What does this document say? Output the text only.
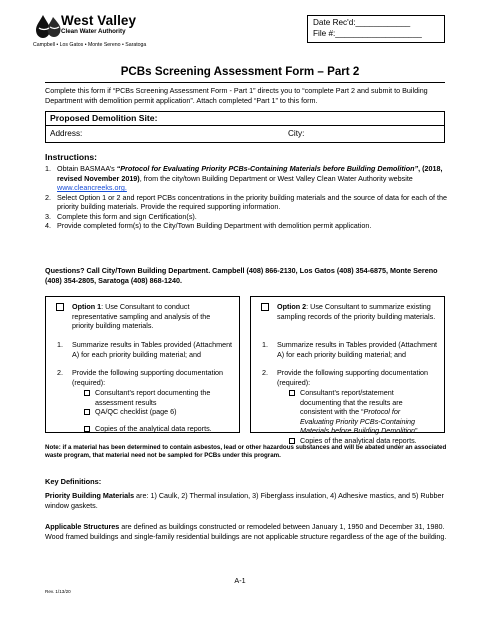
West Valley
Clean Water Authority
Campbell • Los Gatos • Monte Sereno • Saratoga
Date Rec'd:____________
File #:___________________
PCBs Screening Assessment Form – Part 2
Complete this form if “PCBs Screening Assessment Form - Part 1” directs you to “complete Part 2 and submit to Building Department with demolition permit application”. Attach completed “Part 1” to this form.
Proposed Demolition Site:
Address:	City:
Instructions:
1. Obtain BASMAA’s “Protocol for Evaluating Priority PCBs-Containing Materials before Building Demolition”, (2018, revised November 2019), from the city/town Building Department or West Valley Clean Water Authority website www.cleancreeks.org.
2. Select Option 1 or 2 and report PCBs concentrations in the priority building materials and the source of data for each of the priority building materials. Provide the required supporting information.
3. Complete this form and sign Certification(s).
4. Provide completed form(s) to the City/Town Building Department with demolition permit application.
Questions? Call City/Town Building Department. Campbell (408) 866-2130, Los Gatos (408) 354-6875, Monte Sereno (408) 354-2805, Saratoga (408) 868-1240.
Option 1: Use Consultant to conduct representative sampling and analysis of the priority building materials.
1. Summarize results in Tables provided (Attachment A) for each priority building material; and
2. Provide the following supporting documentation (required):
Consultant’s report documenting the assessment results
QA/QC checklist (page 6)
Copies of the analytical data reports.
Option 2: Use Consultant to summarize existing sampling records of the priority building materials.
1. Summarize results in Tables provided (Attachment A) for each priority building material; and
2. Provide the following supporting documentation (required):
Consultant’s report/statement documenting that the results are consistent with the “Protocol for Evaluating Priority PCBs-Containing Materials before Building Demolition”.
Copies of the analytical data reports.
Note: if a material has been determined to contain asbestos, lead or other hazardous substances and will be abated under an associated waste program, that material need not be sampled for PCBs under this program.
Key Definitions:
Priority Building Materials are: 1) Caulk, 2) Thermal insulation, 3) Fiberglass insulation, 4) Adhesive mastics, and 5) Rubber window gaskets.
Applicable Structures are defined as buildings constructed or remodeled between January 1, 1950 and December 31, 1980. Wood framed buildings and single-family residential buildings are not applicable structure regardless of the age of the building.
A-1
Rev. 1/13/20
